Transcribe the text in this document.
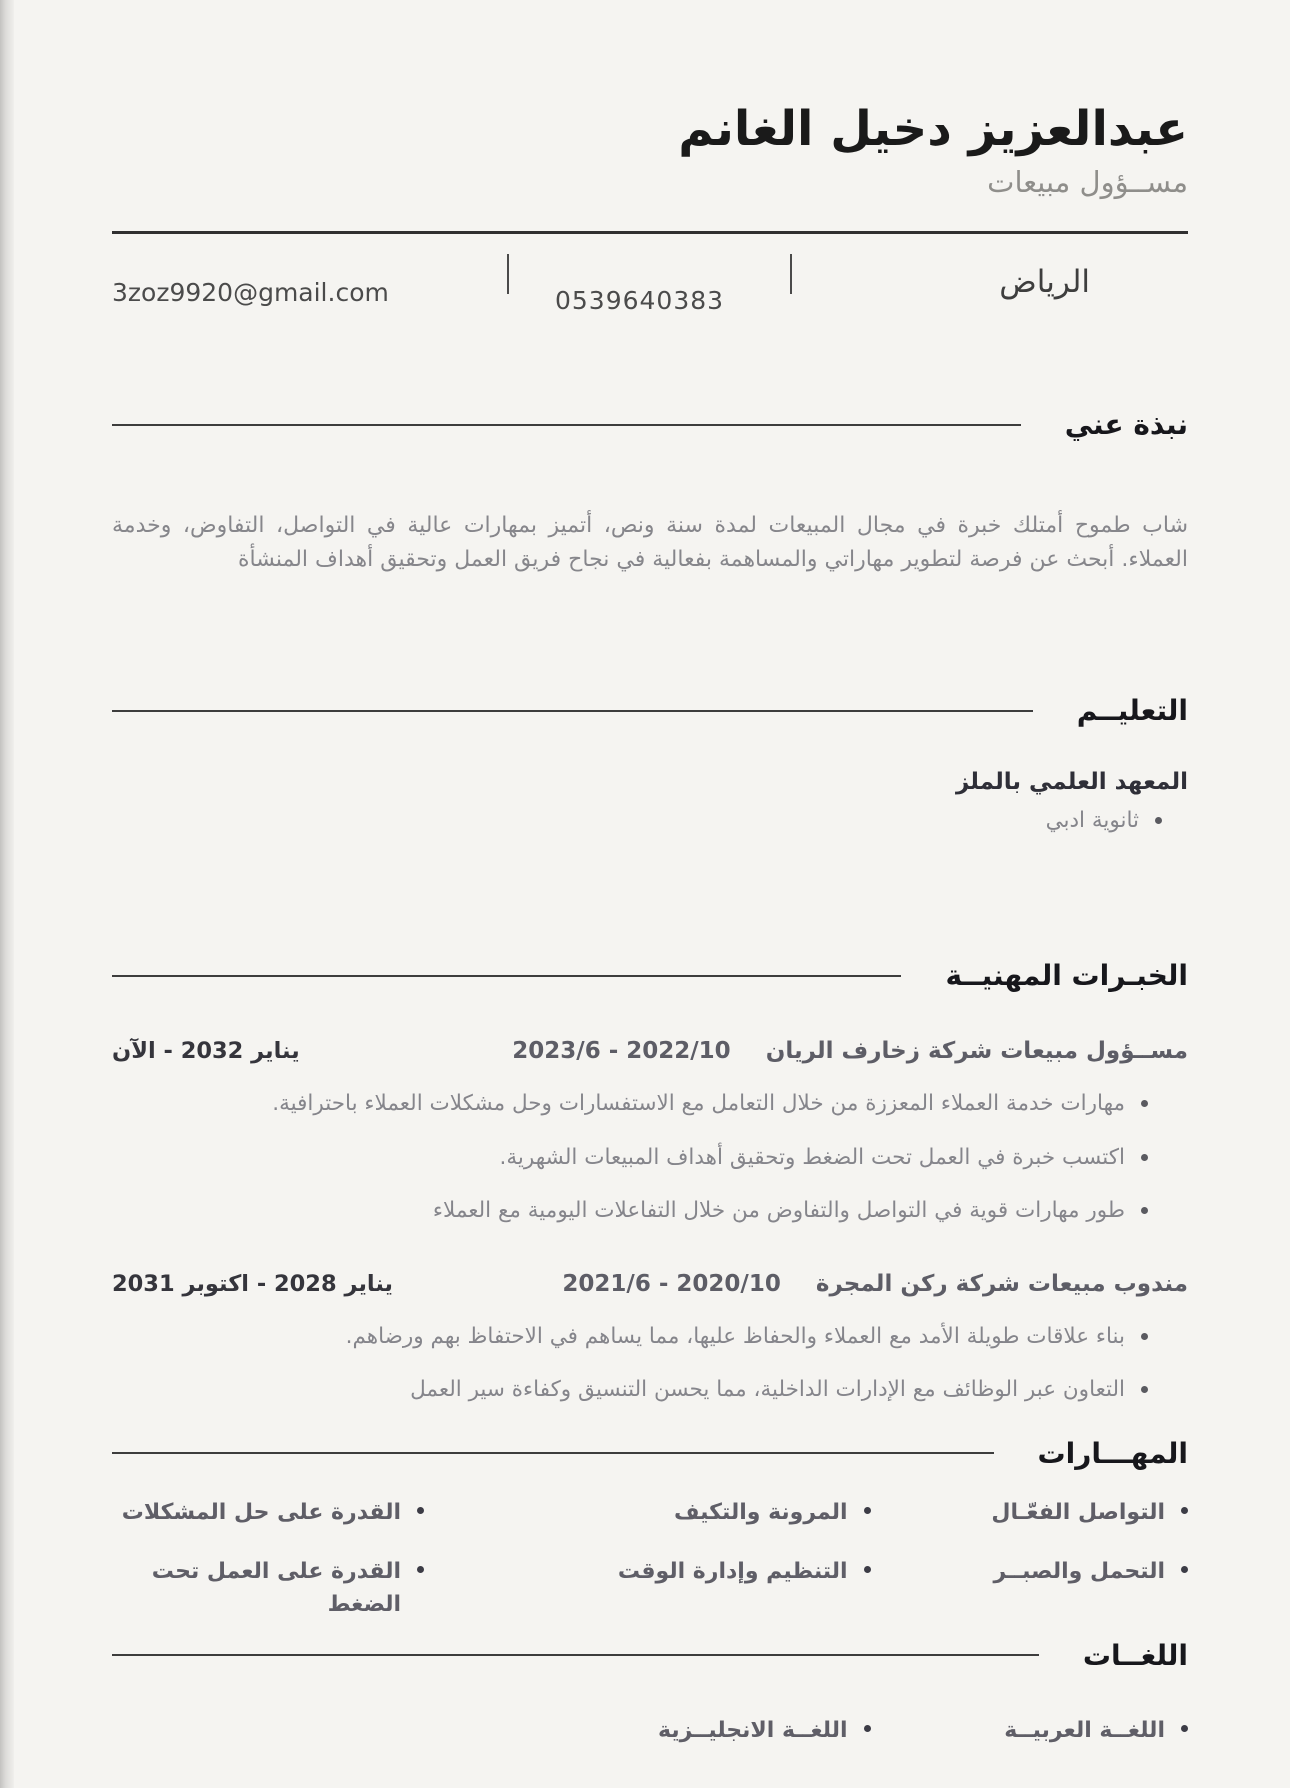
عبدالعزيز دخيل الغانم
مســؤول مبيعات
3zoz9920@gmail.com	0539640383
الرياض
نبذة عني
شاب طموح أمتلك خبرة في مجال المبيعات لمدة سنة ونص، أتميز بمهارات عالية في التواصل، التفاوض، وخدمة العملاء. أبحث عن فرصة لتطوير مهاراتي والمساهمة بفعالية في نجاح فريق العمل وتحقيق أهداف المنشأة
التعليــم
المعهد العلمي بالملز
ثانوية ادبي
الخبـرات المهنيــة
مســؤول مبيعات شركة زخارف الريان 2022/10 - 2023/6
يناير 2032 - الآن
مهارات خدمة العملاء المعززة من خلال التعامل مع الاستفسارات وحل مشكلات العملاء باحترافية.
اكتسب خبرة في العمل تحت الضغط وتحقيق أهداف المبيعات الشهرية.
طور مهارات قوية في التواصل والتفاوض من خلال التفاعلات اليومية مع العملاء
مندوب مبيعات شركة ركن المجرة 2020/10 - 2021/6
يناير 2028 - اكتوبر 2031
بناء علاقات طويلة الأمد مع العملاء والحفاظ عليها، مما يساهم في الاحتفاظ بهم ورضاهم.
التعاون عبر الوظائف مع الإدارات الداخلية، مما يحسن التنسيق وكفاءة سير العمل
المهـــارات
التواصل الفعّـال
المرونة والتكيف
القدرة على حل المشكلات
التحمل والصبــر
التنظيم وإدارة الوقت
القدرة على العمل تحت الضغط
اللغــات
اللغــة العربيــة
اللغــة الانجليــزية
